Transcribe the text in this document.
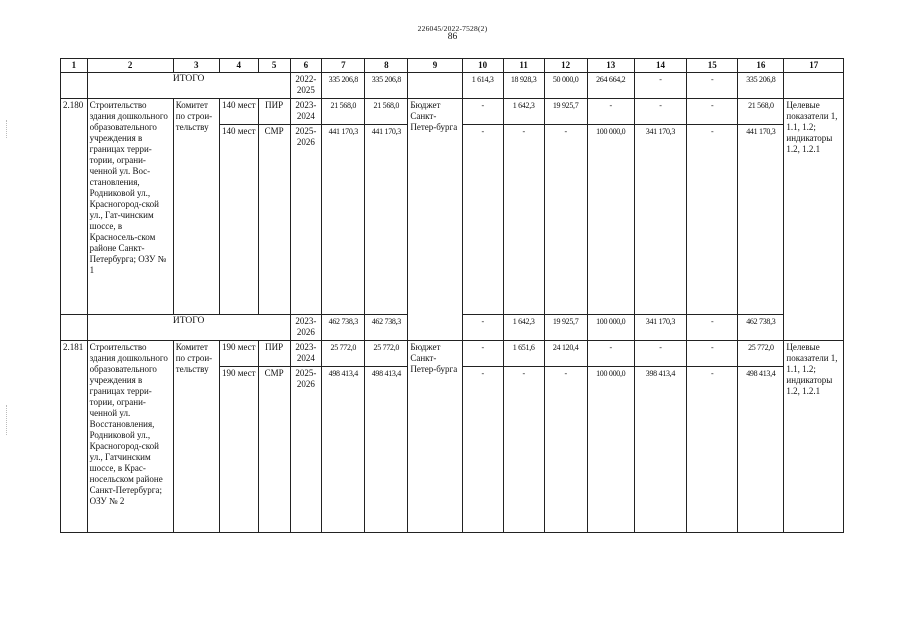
226045/2022-7528(2)
86
1	2	3	4	5	6	7	8	9	10	11	12	13	14	15	16	17
	ИТОГО				2022-2025	335 206,8	335 206,8		1 614,3	18 928,3	50 000,0	264 664,2	-	-	335 206,8	
2.180	Строительство здания дошкольного образовательного учреждения в границах терри-тории, ограни-ченной ул. Вос-становления, Родниковой ул., Красногород-ской ул., Гат-чинским шоссе, в Красносель-ском районе Санкт-Петербурга; ОЗУ № 1	Комитет по строи-тельству	140 мест	ПИР	2023-2024	21 568,0	21 568,0	Бюджет Санкт-Петер-бурга	-	1 642,3	19 925,7	-	-	-	21 568,0	Целевые показатели 1, 1.1, 1.2; индикаторы 1.2, 1.2.1
			140 мест	СМР	2025-2026	441 170,3	441 170,3		-	-	-	100 000,0	341 170,3	-	441 170,3	
	ИТОГО				2023-2026	462 738,3	462 738,3		-	1 642,3	19 925,7	100 000,0	341 170,3	-	462 738,3	
2.181	Строительство здания дошкольного образовательного учреждения в границах терри-тории, ограни-ченной ул. Восстановления, Родниковой ул., Красногород-ской ул., Гатчинским шоссе, в Крас-носельском районе Санкт-Петербурга; ОЗУ № 2	Комитет по строи-тельству	190 мест	ПИР	2023-2024	25 772,0	25 772,0	Бюджет Санкт-Петер-бурга	-	1 651,6	24 120,4	-	-	-	25 772,0	Целевые показатели 1, 1.1, 1.2; индикаторы 1.2, 1.2.1
			190 мест	СМР	2025-2026	498 413,4	498 413,4		-	-	-	100 000,0	398 413,4	-	498 413,4	
